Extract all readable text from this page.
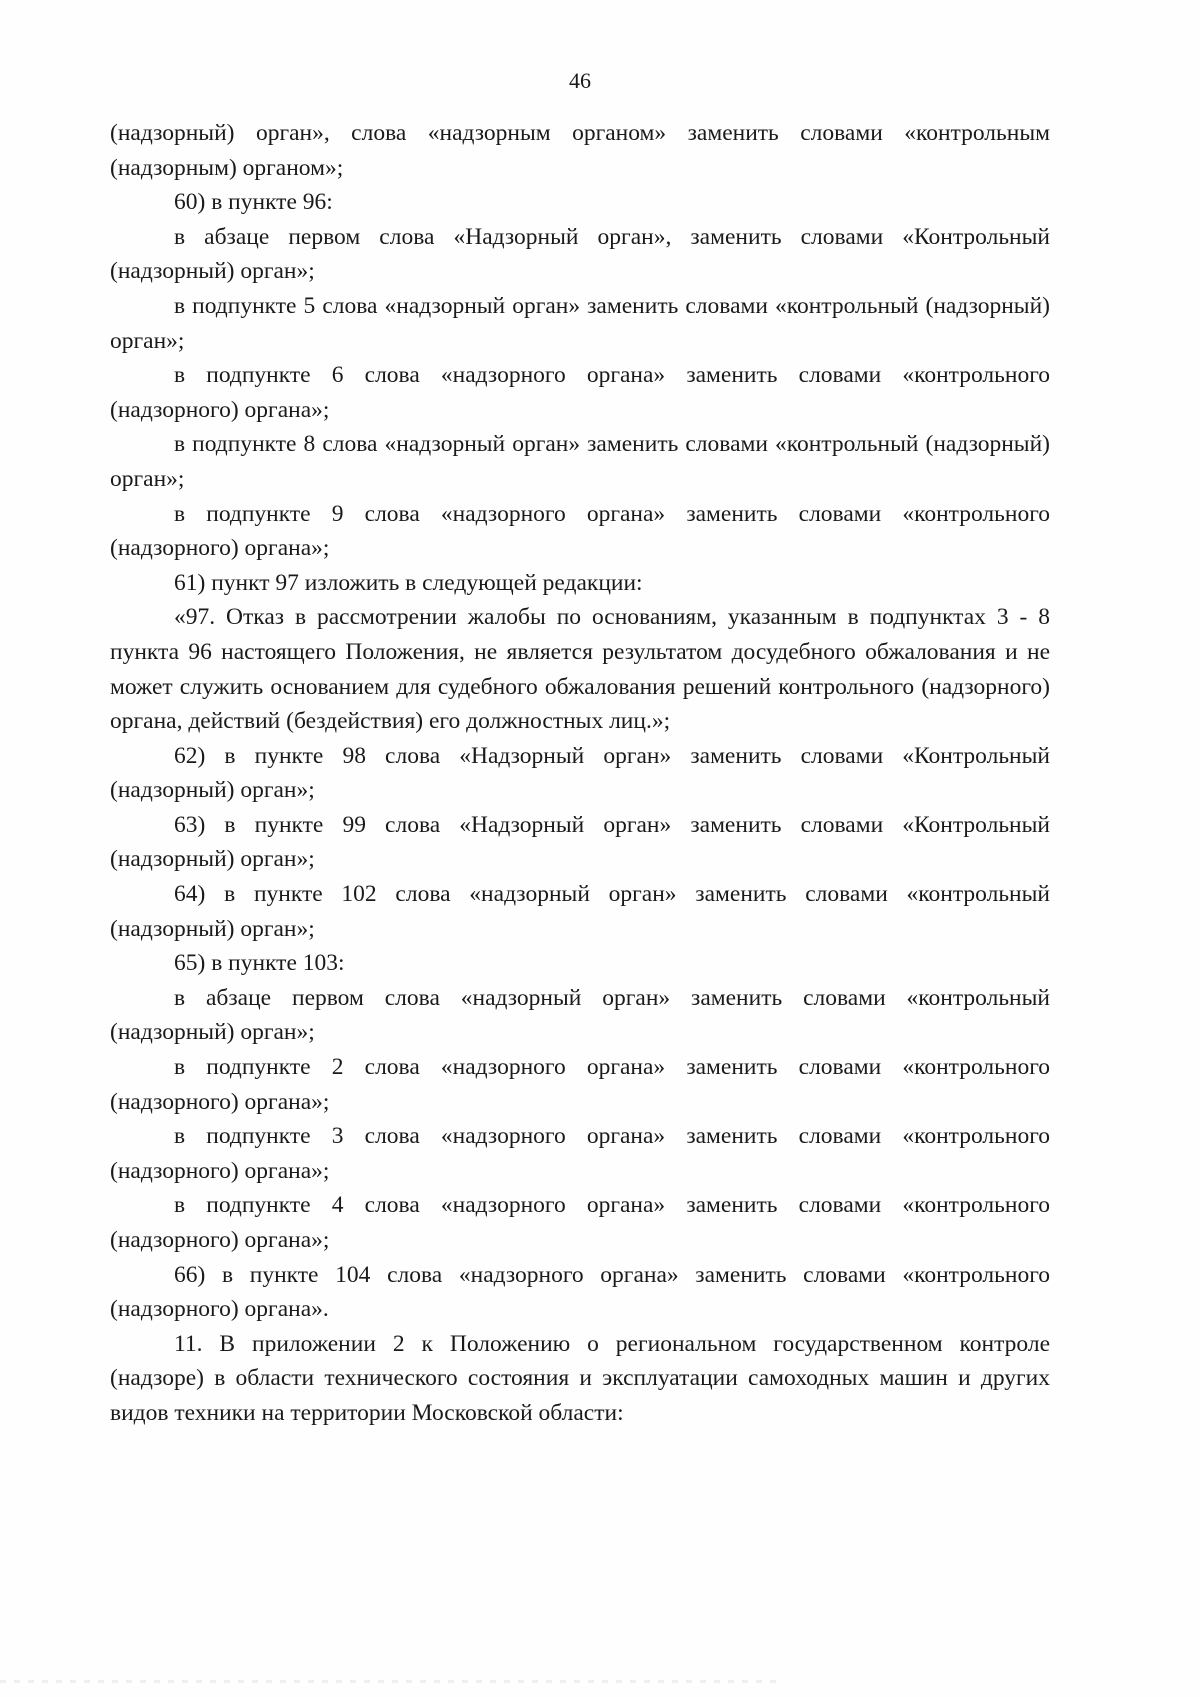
46

(надзорный) орган», слова «надзорным органом» заменить словами «контрольным (надзорным) органом»;

60) в пункте 96:

в абзаце первом слова «Надзорный орган», заменить словами «Контрольный (надзорный) орган»;

в подпункте 5 слова «надзорный орган» заменить словами «контрольный (надзорный) орган»;

в подпункте 6 слова «надзорного органа» заменить словами «контрольного (надзорного) органа»;

в подпункте 8 слова «надзорный орган» заменить словами «контрольный (надзорный) орган»;

в подпункте 9 слова «надзорного органа» заменить словами «контрольного (надзорного) органа»;

61) пункт 97 изложить в следующей редакции:

«97. Отказ в рассмотрении жалобы по основаниям, указанным в подпунктах 3 - 8 пункта 96 настоящего Положения, не является результатом досудебного обжалования и не может служить основанием для судебного обжалования решений контрольного (надзорного) органа, действий (бездействия) его должностных лиц.»;

62) в пункте 98 слова «Надзорный орган» заменить словами «Контрольный (надзорный) орган»;

63) в пункте 99 слова «Надзорный орган» заменить словами «Контрольный (надзорный) орган»;

64) в пункте 102 слова «надзорный орган» заменить словами «контрольный (надзорный) орган»;

65) в пункте 103:

в абзаце первом слова «надзорный орган» заменить словами «контрольный (надзорный) орган»;

в подпункте 2 слова «надзорного органа» заменить словами «контрольного (надзорного) органа»;

в подпункте 3 слова «надзорного органа» заменить словами «контрольного (надзорного) органа»;

в подпункте 4 слова «надзорного органа» заменить словами «контрольного (надзорного) органа»;

66) в пункте 104 слова «надзорного органа» заменить словами «контрольного (надзорного) органа».

11. В приложении 2 к Положению о региональном государственном контроле (надзоре) в области технического состояния и эксплуатации самоходных машин и других видов техники на территории Московской области:
